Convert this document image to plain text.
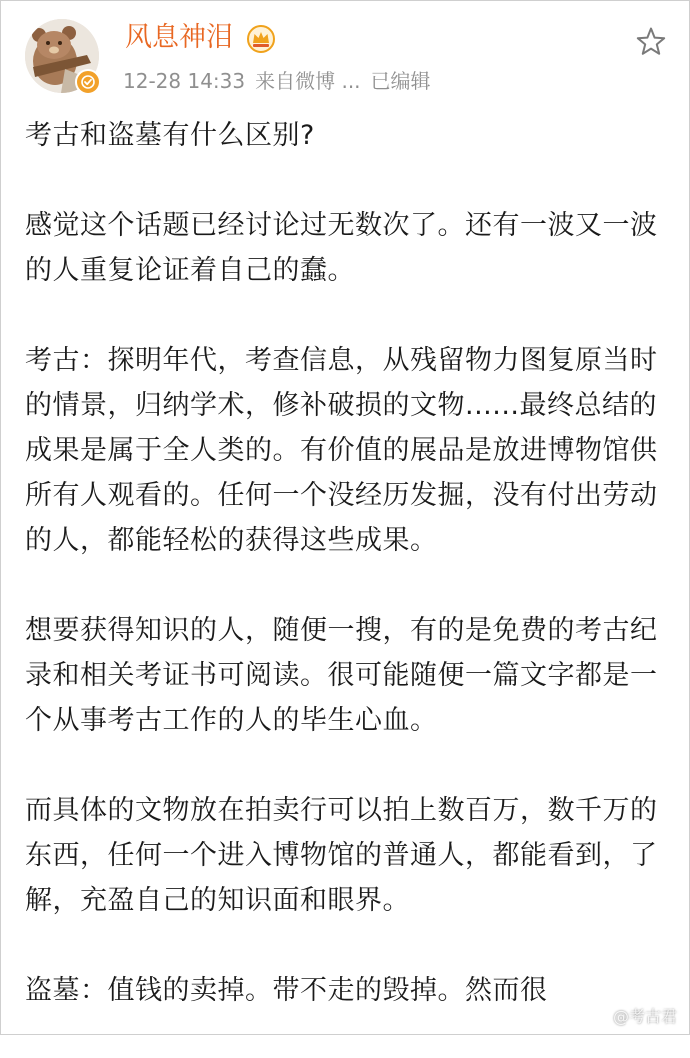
风息神泪
12-28 14:33 来自微博 ... 已编辑

考古和盗墓有什么区别?

感觉这个话题已经讨论过无数次了。还有一波又一波的人重复论证着自己的蠢。

考古：探明年代，考查信息，从残留物力图复原当时的情景，归纳学术，修补破损的文物......最终总结的成果是属于全人类的。有价值的展品是放进博物馆供所有人观看的。任何一个没经历发掘，没有付出劳动的人，都能轻松的获得这些成果。

想要获得知识的人，随便一搜，有的是免费的考古纪录和相关考证书可阅读。很可能随便一篇文字都是一个从事考古工作的人的毕生心血。

而具体的文物放在拍卖行可以拍上数百万，数千万的东西，任何一个进入博物馆的普通人，都能看到，了解，充盈自己的知识面和眼界。

盗墓：值钱的卖掉。带不走的毁掉。然而很

@考古君
